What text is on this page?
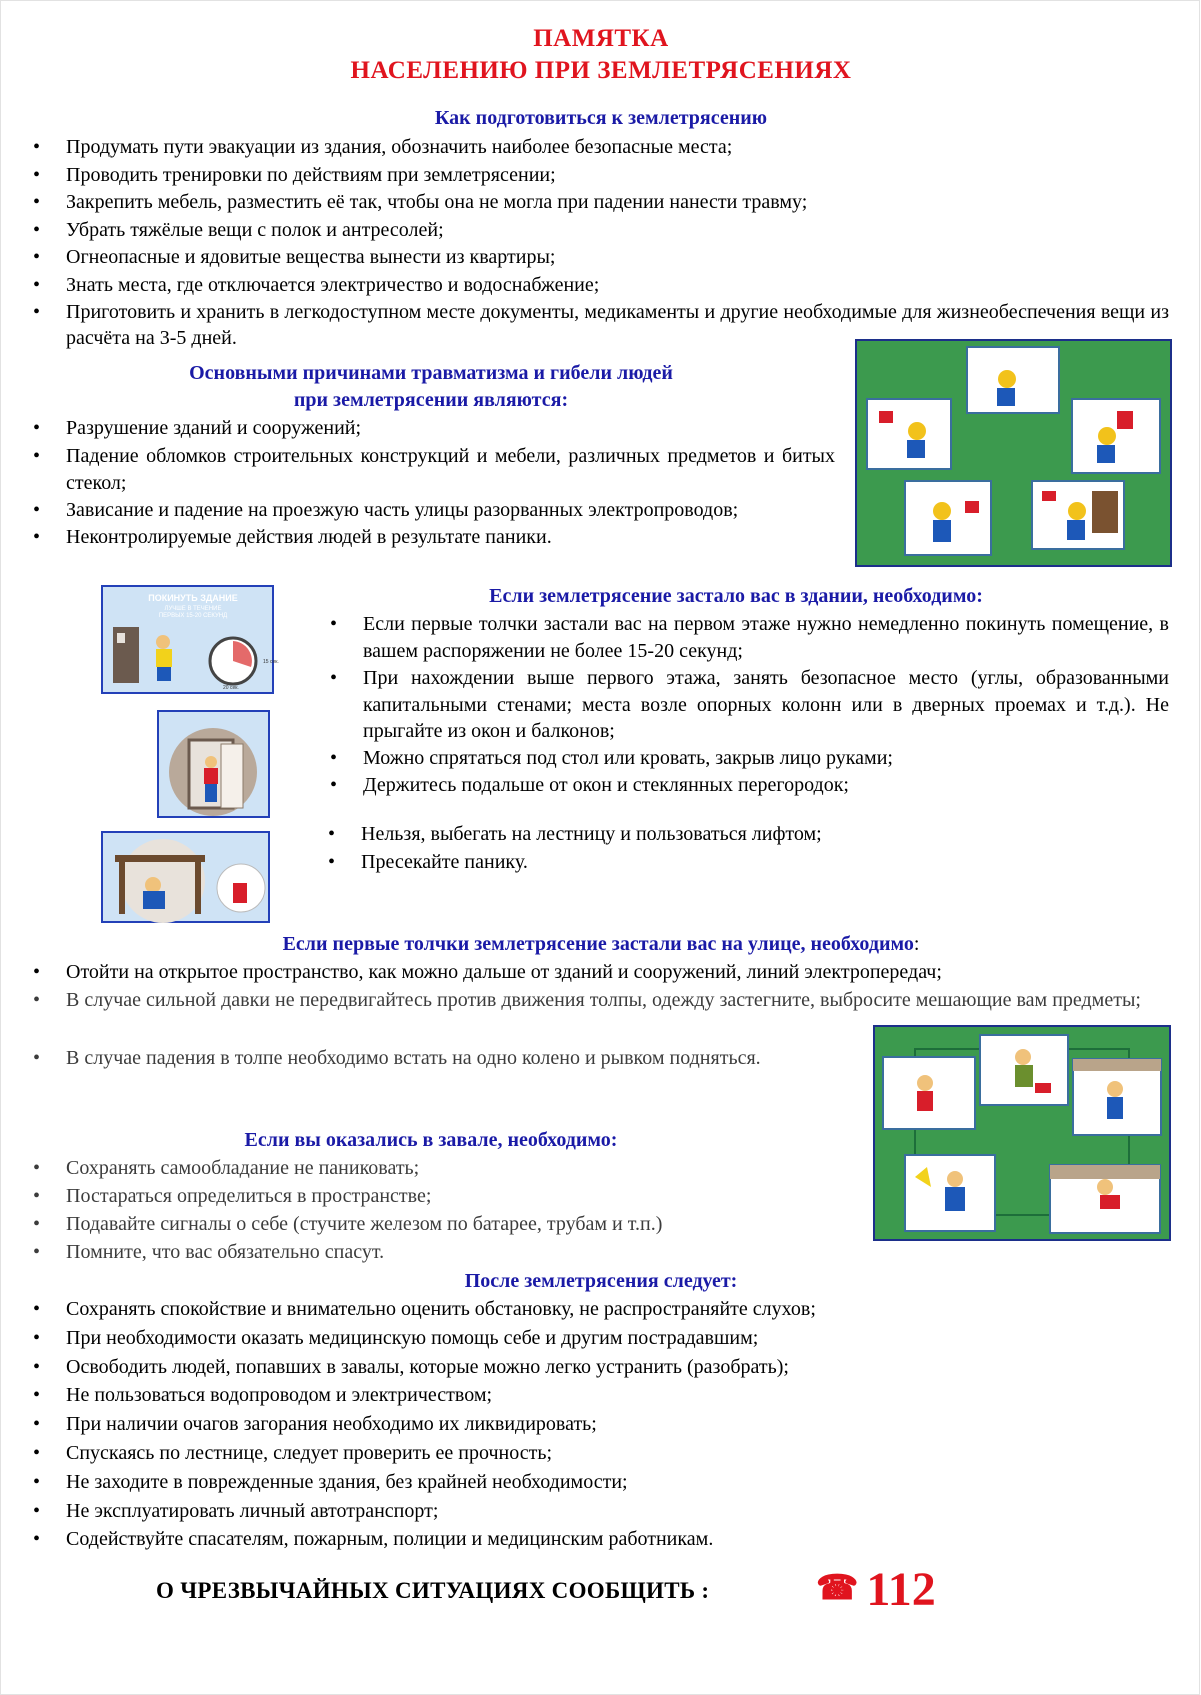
ПАМЯТКА
НАСЕЛЕНИЮ ПРИ ЗЕМЛЕТРЯСЕНИЯХ
Как подготовиться к землетрясению
• Продумать пути эвакуации из здания, обозначить наиболее безопасные места;
• Проводить тренировки по действиям при землетрясении;
• Закрепить мебель, разместить её так, чтобы она не могла при падении нанести травму;
• Убрать тяжёлые вещи с полок и антресолей;
• Огнеопасные и ядовитые вещества вынести из квартиры;
• Знать места, где отключается электричество и водоснабжение;
• Приготовить и хранить в легкодоступном месте документы, медикаменты и другие необходимые для жизнеобеспечения вещи из расчёта на 3-5 дней.
Основными причинами травматизма и гибели людей
при землетрясении являются:
• Разрушение зданий и сооружений;
• Падение обломков строительных конструкций и мебели, различных предметов и битых стекол;
• Зависание и падение на проезжую часть улицы разорванных электропроводов;
• Неконтролируемые действия людей в результате паники.
ПОКИНУТЬ ЗДАНИЕ
ЛУЧШЕ В ТЕЧЕНИЕ
ПЕРВЫХ 15-20 СЕКУНД
15 сек.
20 сек.
Если землетрясение застало вас в здании, необходимо:
• Если первые толчки застали вас на первом этаже нужно немедленно покинуть помещение, в вашем распоряжении не более 15-20 секунд;
• При нахождении выше первого этажа, занять безопасное место (углы, образованными капитальными стенами; места возле опорных колонн или в дверных проемах и т.д.). Не прыгайте из окон и балконов;
• Можно спрятаться под стол или кровать, закрыв лицо руками;
• Держитесь подальше от окон и стеклянных перегородок;
• Нельзя, выбегать на лестницу и пользоваться лифтом;
• Пресекайте панику.
Если первые толчки землетрясение застали вас на улице, необходимо:
• Отойти на открытое пространство, как можно дальше от зданий и сооружений, линий электропередач;
• В случае сильной давки не передвигайтесь против движения толпы, одежду застегните, выбросите мешающие вам предметы;
• В случае падения в толпе необходимо встать на одно колено и рывком подняться.
Если вы оказались в завале, необходимо:
• Сохранять самообладание не паниковать;
• Постараться определиться в пространстве;
• Подавайте сигналы о себе (стучите железом по батарее, трубам и т.п.)
• Помните, что вас обязательно спасут.
После землетрясения следует:
• Сохранять спокойствие и внимательно оценить обстановку, не распространяйте слухов;
• При необходимости оказать медицинскую помощь себе и другим пострадавшим;
• Освободить людей, попавших в завалы, которые можно легко устранить (разобрать);
• Не пользоваться водопроводом и электричеством;
• При наличии очагов загорания необходимо их ликвидировать;
• Спускаясь по лестнице, следует проверить ее прочность;
• Не заходите в поврежденные здания, без крайней необходимости;
• Не эксплуатировать личный автотранспорт;
• Содействуйте спасателям, пожарным, полиции и медицинским работникам.
О ЧРЕЗВЫЧАЙНЫХ СИТУАЦИЯХ СООБЩИТЬ :	☎ 112
